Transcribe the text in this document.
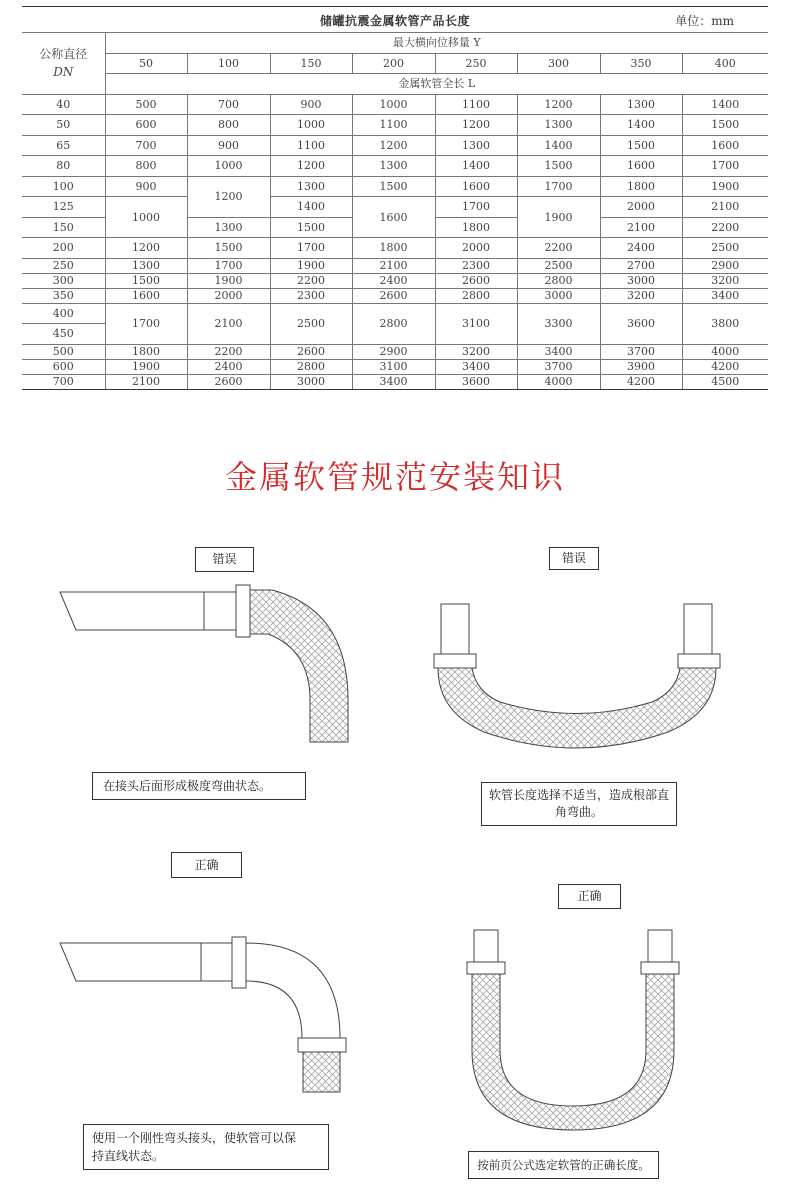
储罐抗震金属软管产品长度	单位：mm
公称直径
DN	最大横向位移量 Y							
	50	100	150	200	250	300	350	400
	金属软管全长 L							
40	500	700	900	1000	1100	1200	1300	1400
50	600	800	1000	1100	1200	1300	1400	1500
65	700	900	1100	1200	1300	1400	1500	1600
80	800	1000	1200	1300	1400	1500	1600	1700
100	900	1200	1300	1500	1600	1700	1800	1900
125	1000		1400	1600	1700	1900	2000	2100
150		1300	1500		1800		2100	2200
200	1200	1500	1700	1800	2000	2200	2400	2500
250	1300	1700	1900	2100	2300	2500	2700	2900
300	1500	1900	2200	2400	2600	2800	3000	3200
350	1600	2000	2300	2600	2800	3000	3200	3400
400	1700	2100	2500	2800	3100	3300	3600	3800
450								
500	1800	2200	2600	2900	3200	3400	3700	4000
600	1900	2400	2800	3100	3400	3700	3900	4200
700	2100	2600	3000	3400	3600	4000	4200	4500
金属软管规范安装知识
错误
在接头后面形成极度弯曲状态。
错误
软管长度选择不适当，造成根部直
角弯曲。
正确
使用一个刚性弯头接头，使软管可以保
持直线状态。
正确
按前页公式选定软管的正确长度。
